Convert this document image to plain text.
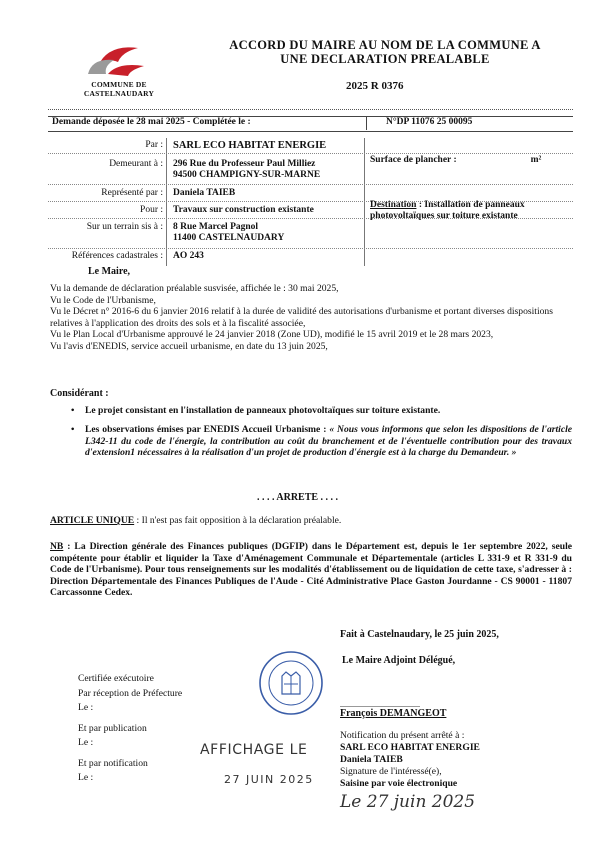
COMMUNE DE
CASTELNAUDARY
ACCORD DU MAIRE AU NOM DE LA COMMUNE A
UNE DECLARATION PREALABLE
2025 R 0376
Demande déposée le 28 mai 2025 - Complétée le :	N°DP 11076 25 00095
Par : SARL ECO HABITAT ENERGIE
Demeurant à : 296 Rue du Professeur Paul Milliez
94500 CHAMPIGNY-SUR-MARNE
Surface de plancher :	m²
Représenté par : Daniela TAIEB
Pour : Travaux sur construction existante	Destination : Installation de panneaux photovoltaïques sur toiture existante
Sur un terrain sis à : 8 Rue Marcel Pagnol
11400 CASTELNAUDARY
Références cadastrales : AO 243
Le Maire,
Vu la demande de déclaration préalable susvisée, affichée le : 30 mai 2025,
Vu le Code de l'Urbanisme,
Vu le Décret n° 2016-6 du 6 janvier 2016 relatif à la durée de validité des autorisations d'urbanisme et portant diverses dispositions relatives à l'application des droits des sols et à la fiscalité associée,
Vu le Plan Local d'Urbanisme approuvé le 24 janvier 2018 (Zone UD), modifié le 15 avril 2019 et le 28 mars 2023,
Vu l'avis d'ENEDIS, service accueil urbanisme, en date du 13 juin 2025,
Considérant :
• Le projet consistant en l'installation de panneaux photovoltaïques sur toiture existante.
• Les observations émises par ENEDIS Accueil Urbanisme : « Nous vous informons que selon les dispositions de l'article L342-11 du code de l'énergie, la contribution au coût du branchement et de l'éventuelle contribution pour des travaux d'extension1 nécessaires à la réalisation d'un projet de production d'énergie est à la charge du Demandeur. »
. . . . ARRETE . . . .
ARTICLE UNIQUE : Il n'est pas fait opposition à la déclaration préalable.
NB : La Direction générale des Finances publiques (DGFIP) dans le Département est, depuis le 1er septembre 2022, seule compétente pour établir et liquider la Taxe d'Aménagement Communale et Départementale (articles L 331-9 et R 331-9 du Code de l'Urbanisme). Pour tous renseignements sur les modalités d'établissement ou de liquidation de cette taxe, s'adresser à : Direction Départementale des Finances Publiques de l'Aude - Cité Administrative Place Gaston Jourdanne - CS 90001 - 11807 Carcassonne Cedex.
Fait à Castelnaudary, le 25 juin 2025,
Le Maire Adjoint Délégué,
François DEMANGEOT
Certifiée exécutoire
Par réception de Préfecture
Le :
Et par publication
Le :
Et par notification
Le :
Notification du présent arrêté à :
SARL ECO HABITAT ENERGIE
Daniela TAIEB
Signature de l'intéressé(e),
Saisine par voie électronique
AFFICHAGE LE
27 JUIN 2025
Le 27 juin 2025
